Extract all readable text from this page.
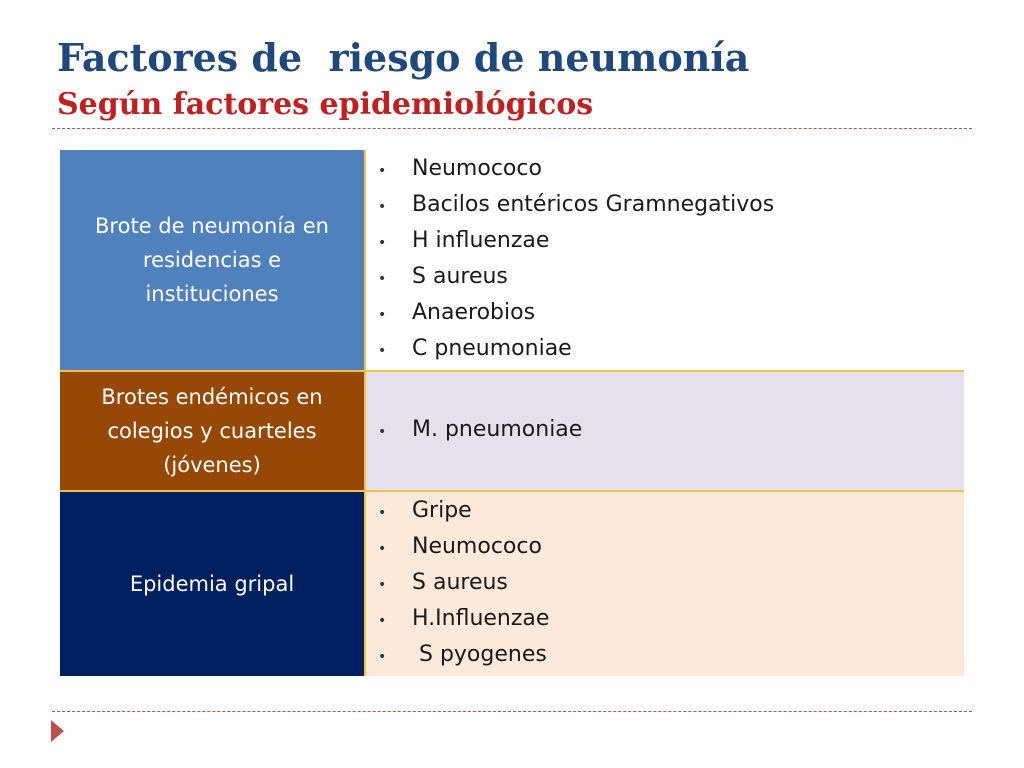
Factores de  riesgo de neumonía
Según factores epidemiológicos
Brote de neumonía en residencias e instituciones
•	Neumococo
•	Bacilos entéricos Gramnegativos
•	H influenzae
•	S aureus
•	Anaerobios
•	C pneumoniae
Brotes endémicos en colegios y cuarteles (jóvenes)
•	M. pneumoniae
Epidemia gripal
•	Gripe
•	Neumococo
•	S aureus
•	H.Influenzae
•	S pyogenes
